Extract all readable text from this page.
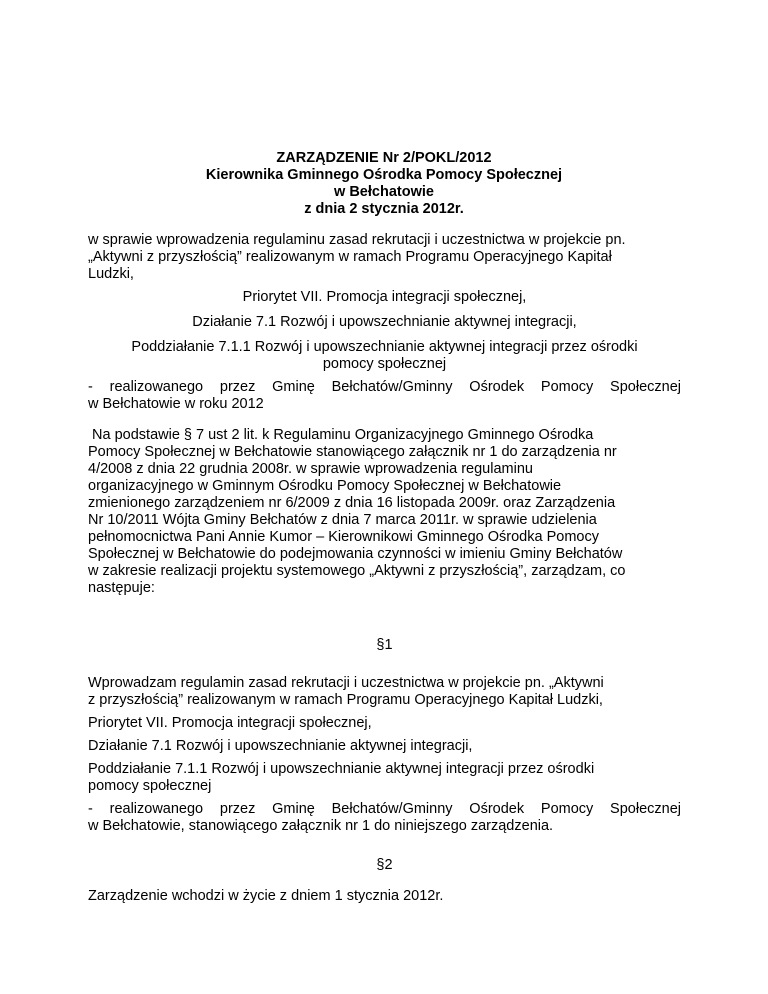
ZARZĄDZENIE Nr 2/POKL/2012
Kierownika Gminnego Ośrodka Pomocy Społecznej
w Bełchatowie
z dnia 2 stycznia 2012r.

w sprawie wprowadzenia regulaminu zasad rekrutacji i uczestnictwa w projekcie pn.
„Aktywni z przyszłością” realizowanym w ramach Programu Operacyjnego Kapitał
Ludzki,

Priorytet VII. Promocja integracji społecznej,

Działanie 7.1 Rozwój i upowszechnianie aktywnej integracji,

Poddziałanie 7.1.1 Rozwój i upowszechnianie aktywnej integracji przez ośrodki
pomocy społecznej

- realizowanego przez Gminę Bełchatów/Gminny Ośrodek Pomocy Społecznej
w Bełchatowie w roku 2012

Na podstawie § 7 ust 2 lit. k Regulaminu Organizacyjnego Gminnego Ośrodka
Pomocy Społecznej w Bełchatowie stanowiącego załącznik nr 1 do zarządzenia nr
4/2008 z dnia 22 grudnia 2008r. w sprawie wprowadzenia regulaminu
organizacyjnego w Gminnym Ośrodku Pomocy Społecznej w Bełchatowie
zmienionego zarządzeniem nr 6/2009 z dnia 16 listopada 2009r. oraz Zarządzenia
Nr 10/2011 Wójta Gminy Bełchatów z dnia 7 marca 2011r. w sprawie udzielenia
pełnomocnictwa Pani Annie Kumor – Kierownikowi Gminnego Ośrodka Pomocy
Społecznej w Bełchatowie do podejmowania czynności w imieniu Gminy Bełchatów
w zakresie realizacji projektu systemowego „Aktywni z przyszłością”, zarządzam, co
następuje:

§1

Wprowadzam regulamin zasad rekrutacji i uczestnictwa w projekcie pn. „Aktywni
z przyszłością” realizowanym w ramach Programu Operacyjnego Kapitał Ludzki,

Priorytet VII. Promocja integracji społecznej,

Działanie 7.1 Rozwój i upowszechnianie aktywnej integracji,

Poddziałanie 7.1.1 Rozwój i upowszechnianie aktywnej integracji przez ośrodki
pomocy społecznej

- realizowanego przez Gminę Bełchatów/Gminny Ośrodek Pomocy Społecznej
w Bełchatowie, stanowiącego załącznik nr 1 do niniejszego zarządzenia.

§2

Zarządzenie wchodzi w życie z dniem 1 stycznia 2012r.
